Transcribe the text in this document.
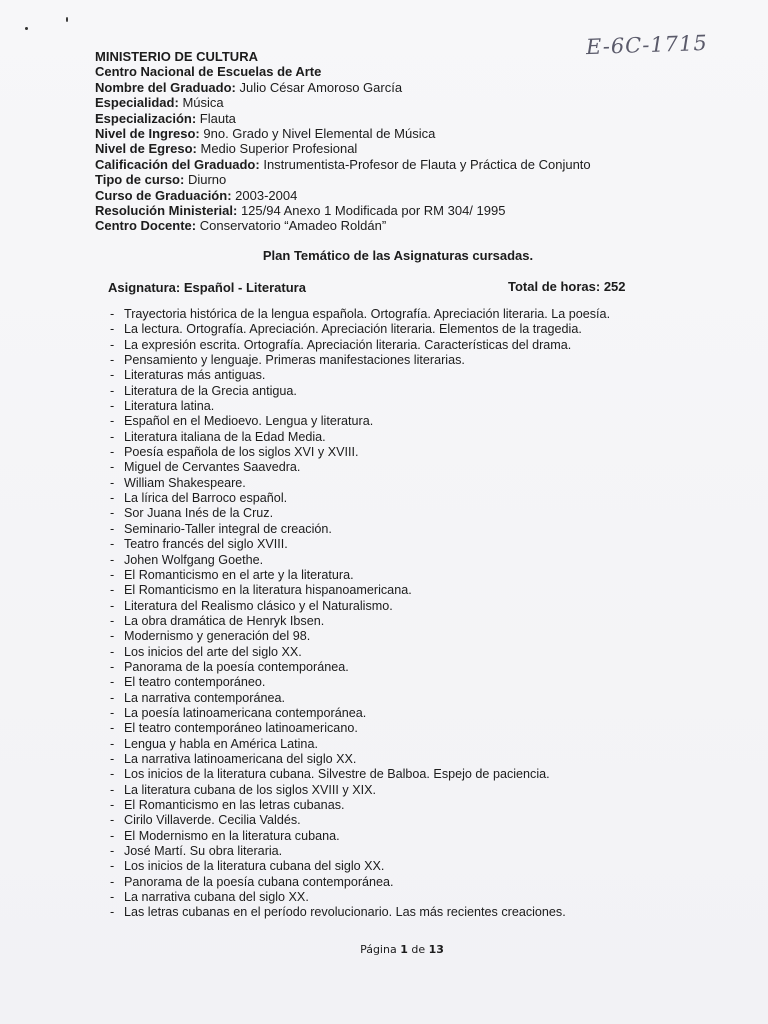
E-6C-1715
MINISTERIO DE CULTURA
Centro Nacional de Escuelas de Arte
Nombre del Graduado: Julio César Amoroso García
Especialidad: Música
Especialización: Flauta
Nivel de Ingreso: 9no. Grado y Nivel Elemental de Música
Nivel de Egreso: Medio Superior Profesional
Calificación del Graduado: Instrumentista-Profesor de Flauta y Práctica de Conjunto
Tipo de curso: Diurno
Curso de Graduación: 2003-2004
Resolución Ministerial: 125/94 Anexo 1 Modificada por RM 304/ 1995
Centro Docente: Conservatorio “Amadeo Roldán”
Plan Temático de las Asignaturas cursadas.
Asignatura: Español - Literatura	Total de horas: 252
- Trayectoria histórica de la lengua española. Ortografía. Apreciación literaria. La poesía.
- La lectura. Ortografía. Apreciación. Apreciación literaria. Elementos de la tragedia.
- La expresión escrita. Ortografía. Apreciación literaria. Características del drama.
- Pensamiento y lenguaje. Primeras manifestaciones literarias.
- Literaturas más antiguas.
- Literatura de la Grecia antigua.
- Literatura latina.
- Español en el Medioevo. Lengua y literatura.
- Literatura italiana de la Edad Media.
- Poesía española de los siglos XVI y XVIII.
- Miguel de Cervantes Saavedra.
- William Shakespeare.
- La lírica del Barroco español.
- Sor Juana Inés de la Cruz.
- Seminario-Taller integral de creación.
- Teatro francés del siglo XVIII.
- Johen Wolfgang Goethe.
- El Romanticismo en el arte y la literatura.
- El Romanticismo en la literatura hispanoamericana.
- Literatura del Realismo clásico y el Naturalismo.
- La obra dramática de Henryk Ibsen.
- Modernismo y generación del 98.
- Los inicios del arte del siglo XX.
- Panorama de la poesía contemporánea.
- El teatro contemporáneo.
- La narrativa contemporánea.
- La poesía latinoamericana contemporánea.
- El teatro contemporáneo latinoamericano.
- Lengua y habla en América Latina.
- La narrativa latinoamericana del siglo XX.
- Los inicios de la literatura cubana. Silvestre de Balboa. Espejo de paciencia.
- La literatura cubana de los siglos XVIII y XIX.
- El Romanticismo en las letras cubanas.
- Cirilo Villaverde. Cecilia Valdés.
- El Modernismo en la literatura cubana.
- José Martí. Su obra literaria.
- Los inicios de la literatura cubana del siglo XX.
- Panorama de la poesía cubana contemporánea.
- La narrativa cubana del siglo XX.
- Las letras cubanas en el período revolucionario. Las más recientes creaciones.
Página 1 de 13
